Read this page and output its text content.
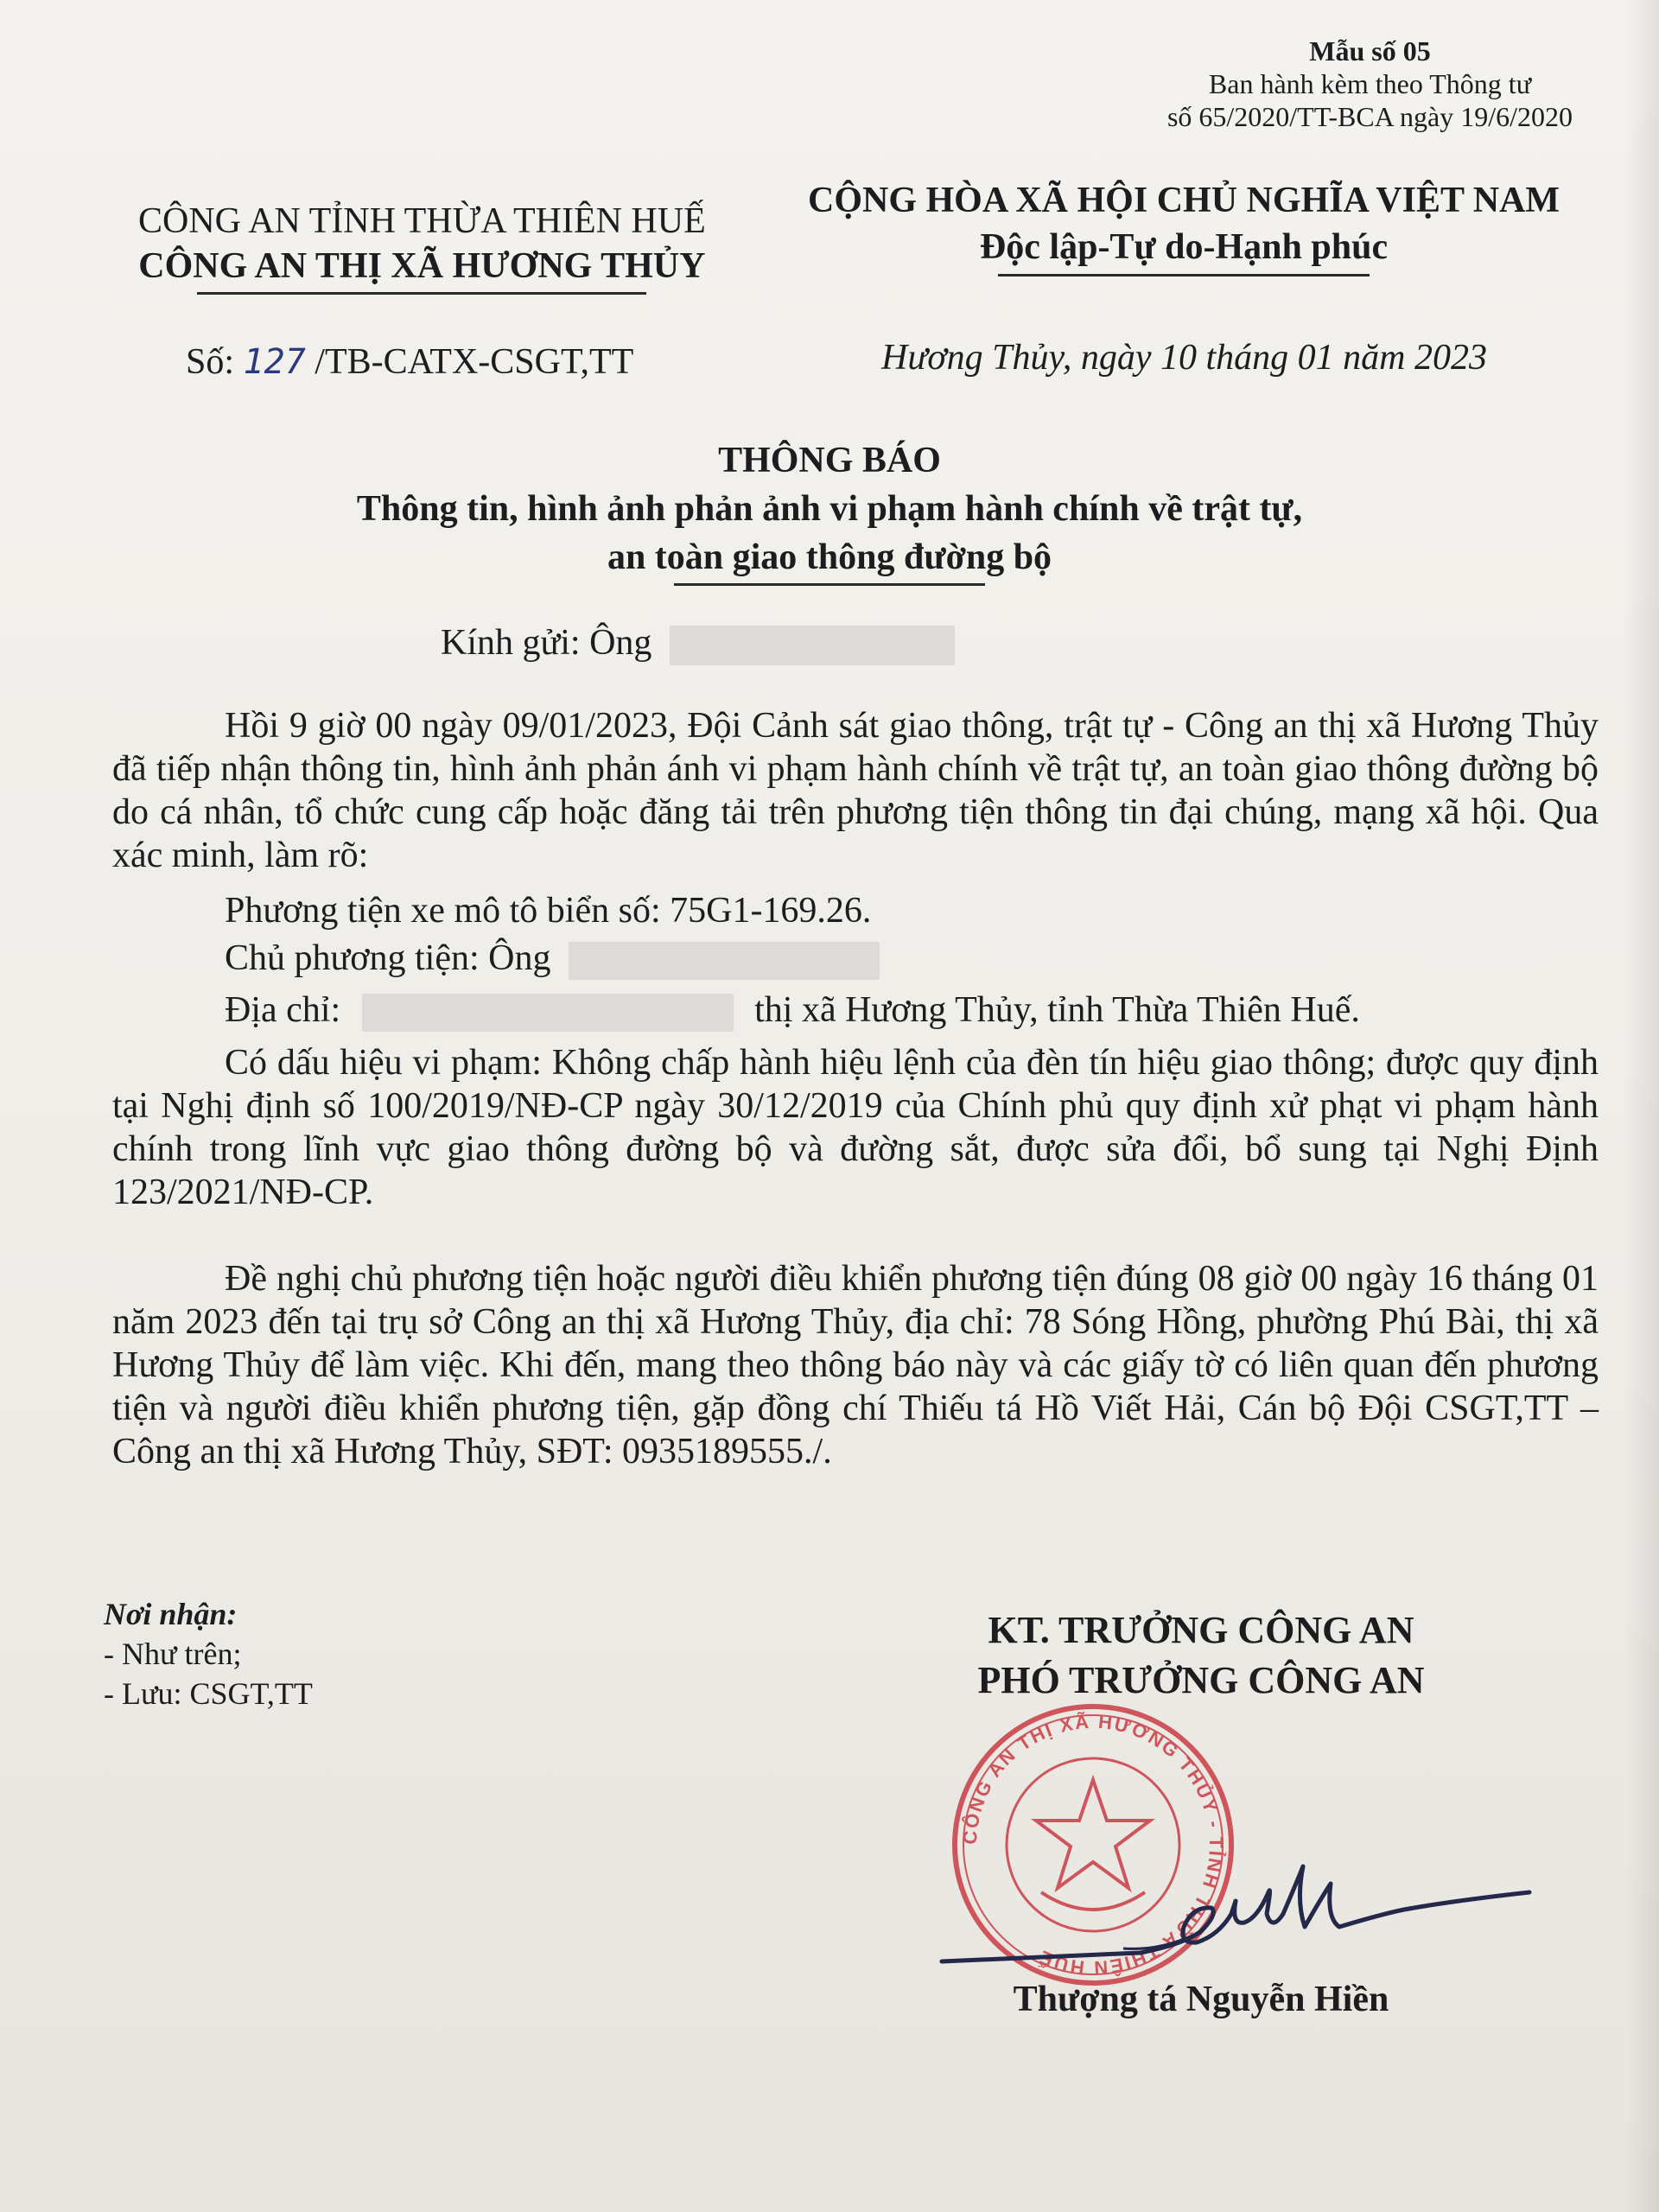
Mẫu số 05
Ban hành kèm theo Thông tư
số 65/2020/TT-BCA ngày 19/6/2020
CÔNG AN TỈNH THỪA THIÊN HUẾ
CÔNG AN THỊ XÃ HƯƠNG THỦY
CỘNG HÒA XÃ HỘI CHỦ NGHĨA VIỆT NAM
Độc lập-Tự do-Hạnh phúc
Số: 127 /TB-CATX-CSGT,TT	Hương Thủy, ngày 10 tháng 01 năm 2023
THÔNG BÁO
Thông tin, hình ảnh phản ảnh vi phạm hành chính về trật tự,
an toàn giao thông đường bộ
Kính gửi: Ông
Hồi 9 giờ 00 ngày 09/01/2023, Đội Cảnh sát giao thông, trật tự - Công an thị xã Hương Thủy đã tiếp nhận thông tin, hình ảnh phản ánh vi phạm hành chính về trật tự, an toàn giao thông đường bộ do cá nhân, tổ chức cung cấp hoặc đăng tải trên phương tiện thông tin đại chúng, mạng xã hội. Qua xác minh, làm rõ:
Phương tiện xe mô tô biển số: 75G1-169.26.
Chủ phương tiện: Ông
Địa chỉ:	thị xã Hương Thủy, tỉnh Thừa Thiên Huế.
Có dấu hiệu vi phạm: Không chấp hành hiệu lệnh của đèn tín hiệu giao thông; được quy định tại Nghị định số 100/2019/NĐ-CP ngày 30/12/2019 của Chính phủ quy định xử phạt vi phạm hành chính trong lĩnh vực giao thông đường bộ và đường sắt, được sửa đổi, bổ sung tại Nghị Định 123/2021/NĐ-CP.
Đề nghị chủ phương tiện hoặc người điều khiển phương tiện đúng 08 giờ 00 ngày 16 tháng 01 năm 2023 đến tại trụ sở Công an thị xã Hương Thủy, địa chỉ: 78 Sóng Hồng, phường Phú Bài, thị xã Hương Thủy để làm việc. Khi đến, mang theo thông báo này và các giấy tờ có liên quan đến phương tiện và người điều khiển phương tiện, gặp đồng chí Thiếu tá Hồ Viết Hải, Cán bộ Đội CSGT,TT – Công an thị xã Hương Thủy, SĐT: 0935189555./.
Nơi nhận:
- Như trên;
- Lưu: CSGT,TT
KT. TRƯỞNG CÔNG AN
PHÓ TRƯỞNG CÔNG AN
CÔNG AN THỊ XÃ HƯƠNG THỦY - TỈNH THỪA THIÊN HUẾ
Thượng tá Nguyễn Hiền
